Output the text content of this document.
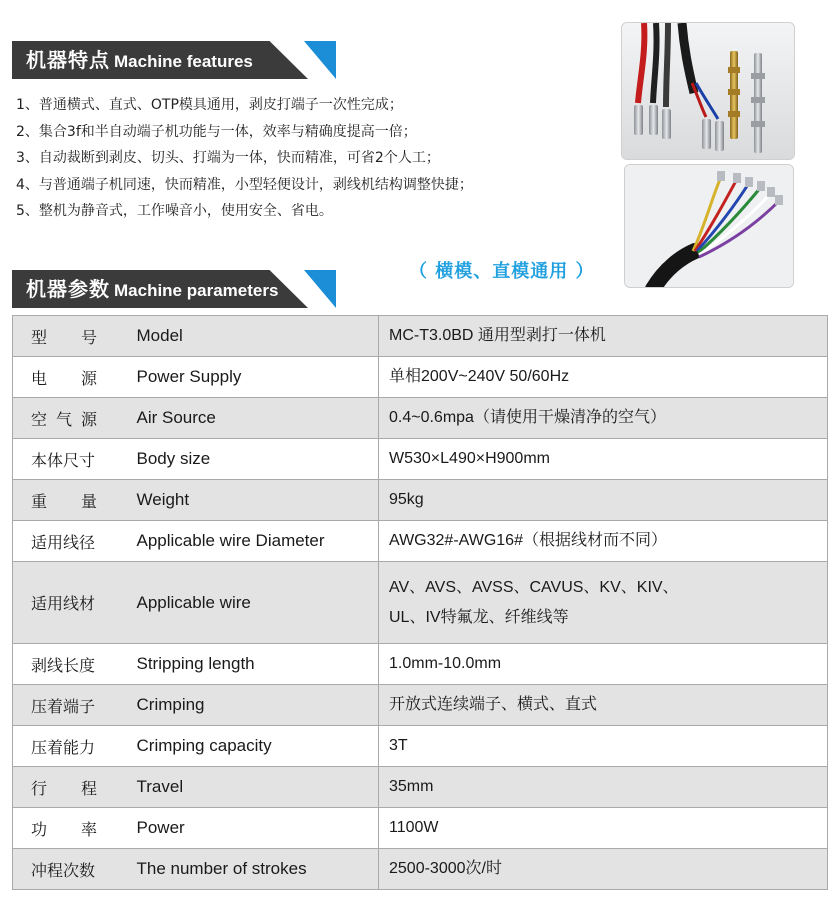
机器特点 Machine features
1、普通横式、直式、OTP模具通用，剥皮打端子一次性完成；
2、集合3f和半自动端子机功能与一体，效率与精确度提高一倍；
3、自动裁断到剥皮、切头、打端为一体，快而精准，可省2个人工；
4、与普通端子机同速，快而精准，小型轻便设计，剥线机结构调整快捷；
5、整机为静音式，工作噪音小，使用安全、省电。
（ 横模、直模通用 ）
机器参数 Machine parameters
型号	Model	MC-T3.0BD 通用型剥打一体机

电源	Power Supply	单相200V~240V 50/60Hz

空气源	Air Source	0.4~0.6mpa（请使用干燥清净的空气）

本体尺寸	Body size	W530×L490×H900mm

重量	Weight	95kg

适用线径	Applicable wire Diameter	AWG32#-AWG16#（根据线材而不同）

适用线材	Applicable wire	AV、AVS、AVSS、CAVUS、KV、KIV、
UL、IV特氟龙、纤维线等

剥线长度	Stripping length	1.0mm-10.0mm

压着端子	Crimping	开放式连续端子、横式、直式

压着能力	Crimping capacity	3T

行程	Travel	35mm

功率	Power	1100W

冲程次数	The number of strokes	2500-3000次/时
